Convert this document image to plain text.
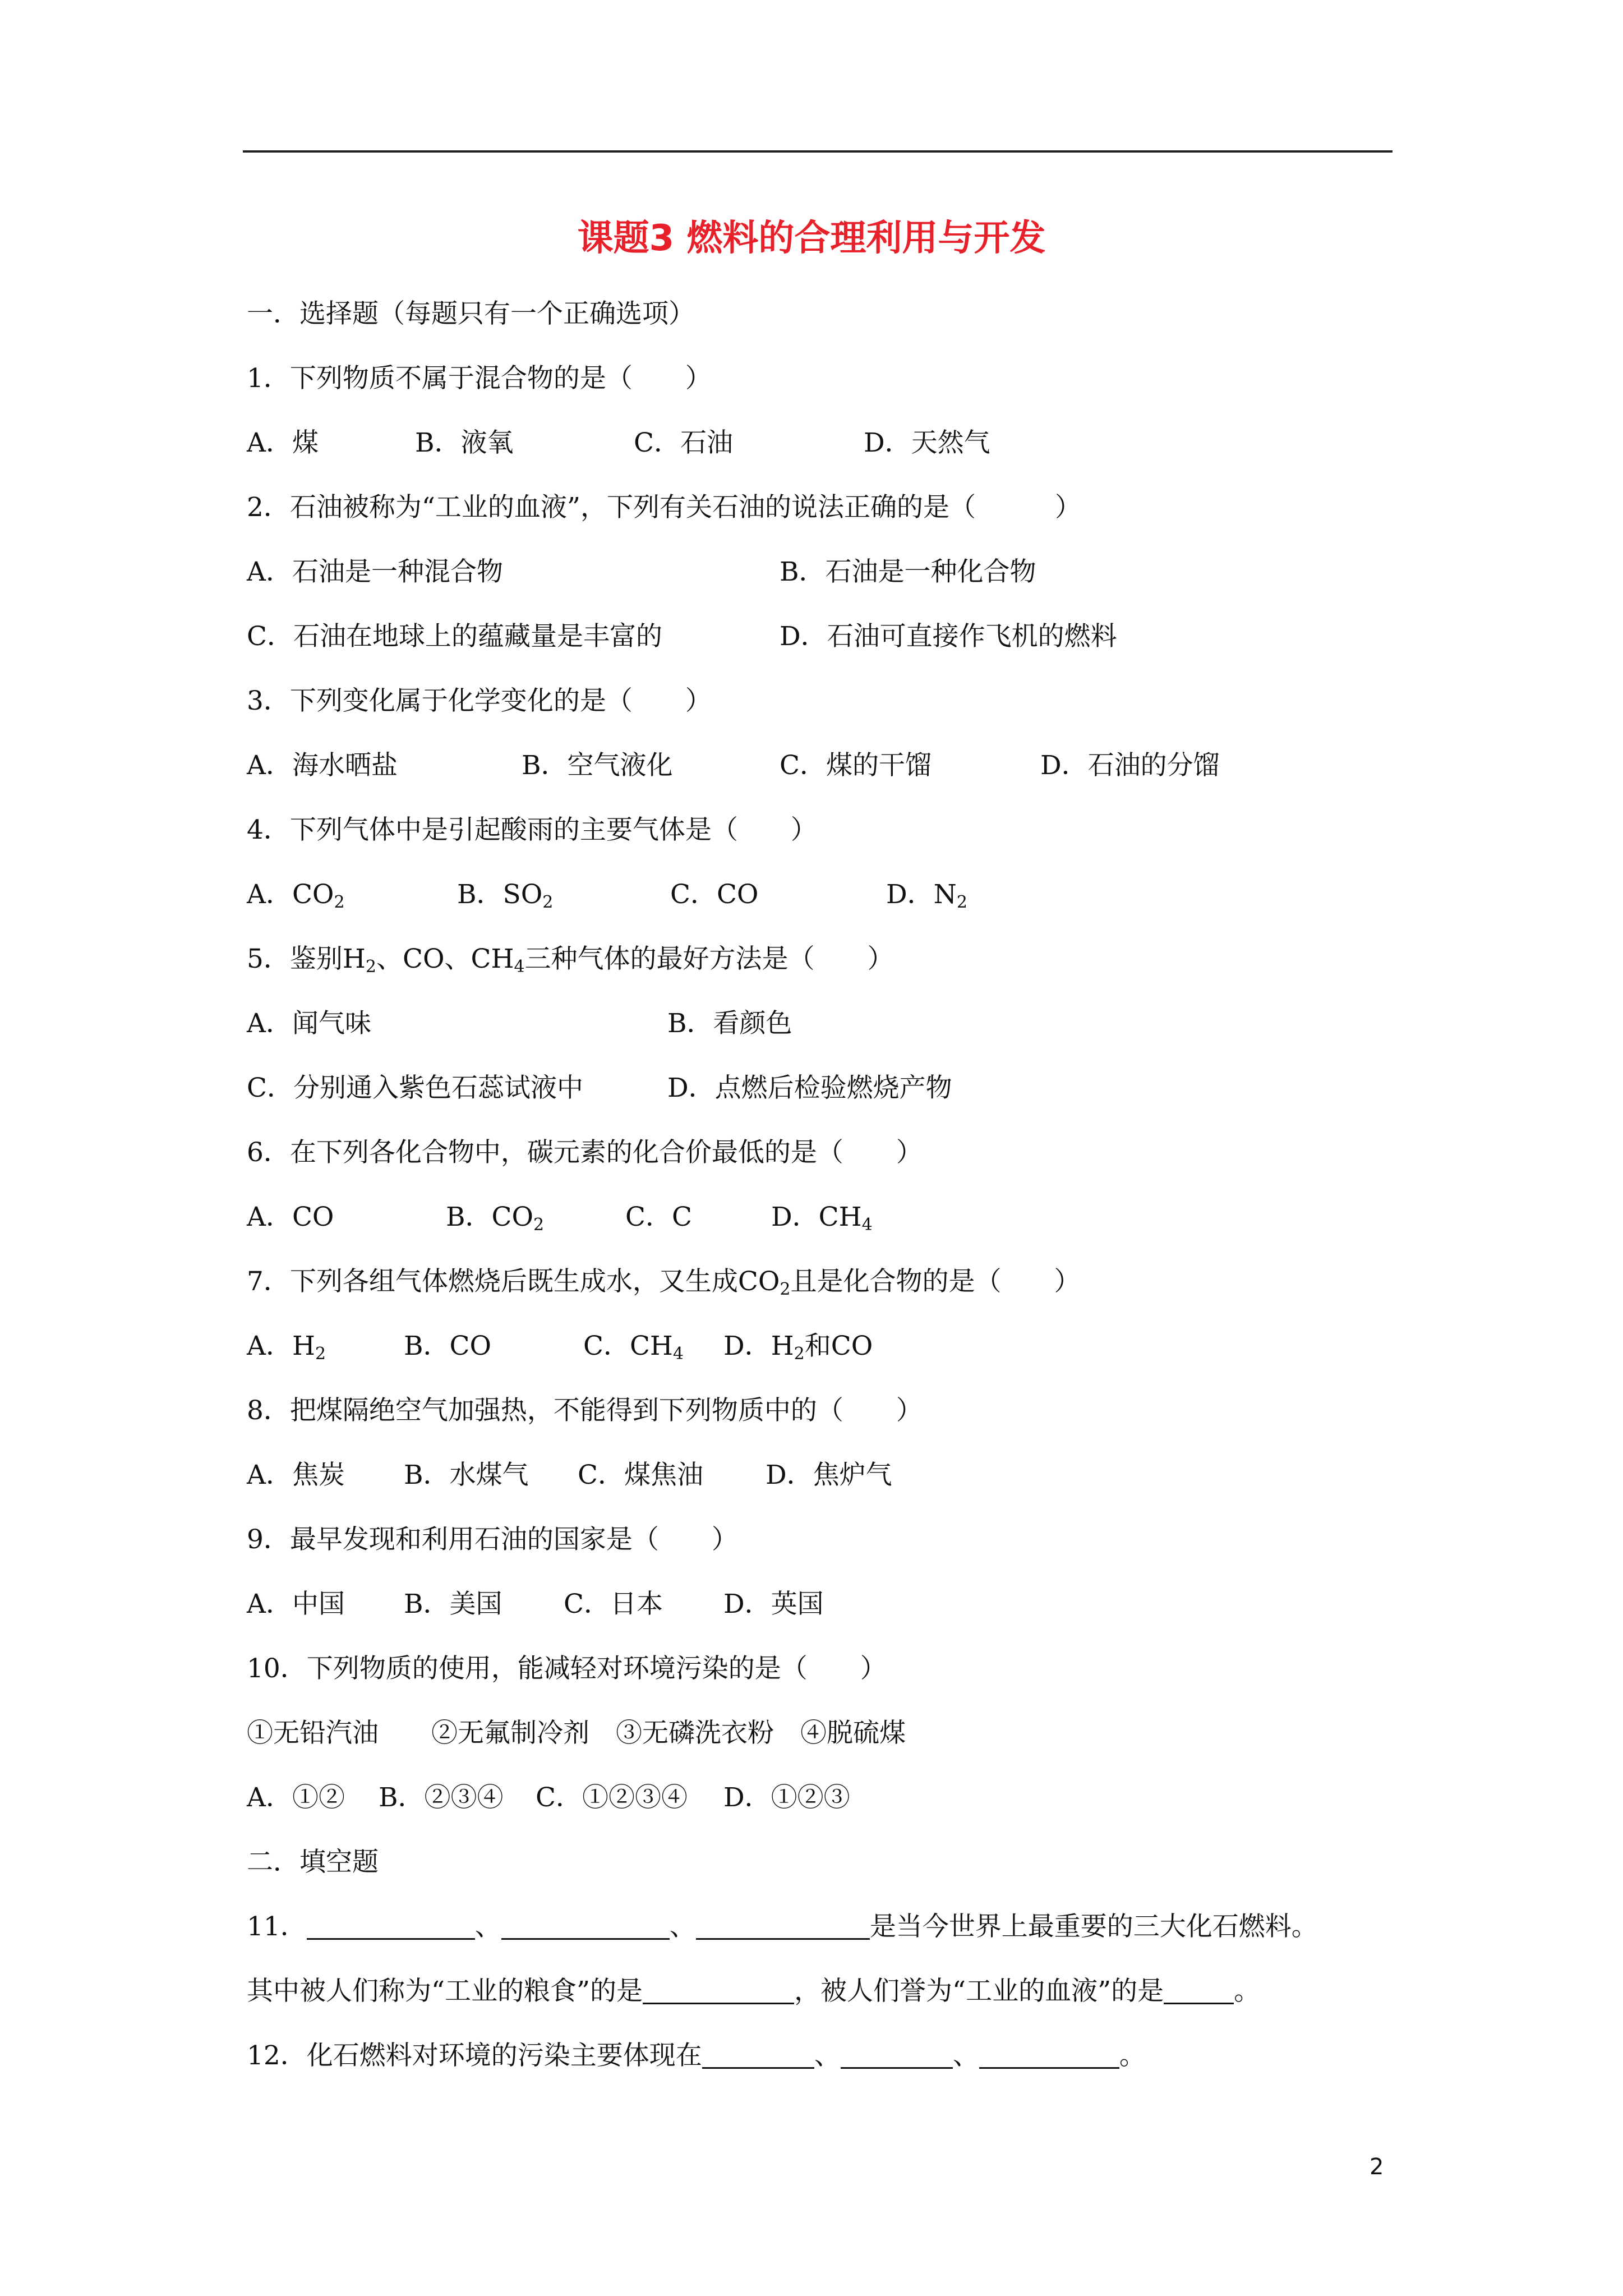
课题3 燃料的合理利用与开发
一．选择题（每题只有一个正确选项）
1．下列物质不属于混合物的是（　　）
A．煤	B．液氧	C．石油	D．天然气
2．石油被称为“工业的血液”，下列有关石油的说法正确的是（　　　）
A．石油是一种混合物	B．石油是一种化合物
C．石油在地球上的蕴藏量是丰富的	D．石油可直接作飞机的燃料
3．下列变化属于化学变化的是（　　）
A．海水晒盐	B．空气液化	C．煤的干馏	D．石油的分馏
4．下列气体中是引起酸雨的主要气体是（　　）
A．$CO_2$	B．$SO_2$	C．CO	D．$N_2$
5．鉴别$H_2$、CO、$CH_4$三种气体的最好方法是（　　）
A．闻气味	B．看颜色
C．分别通入紫色石蕊试液中	D．点燃后检验燃烧产物
6．在下列各化合物中，碳元素的化合价最低的是（　　）
A．CO	B．$CO_2$	C．C	D．$CH_4$
7．下列各组气体燃烧后既生成水，又生成$CO_2$且是化合物的是（　　）
A．$H_2$	B．CO	C．$CH_4$ D．$H_2$和CO
8．把煤隔绝空气加强热，不能得到下列物质中的（　　）
A．焦炭 B．水煤气 C．煤焦油 D．焦炉气
9．最早发现和利用石油的国家是（　　）
A．中国 B．美国 C．日本 D．英国
10．下列物质的使用，能减轻对环境污染的是（　　）
①无铅汽油　　②无氟制冷剂　③无磷洗衣粉　④脱硫煤
A．①② B．②③④ C．①②③④ D．①②③
二．填空题
11．	、	、	是当今世界上最重要的三大化石燃料。
其中被人们称为“工业的粮食”的是	，被人们誉为“工业的血液”的是	。
12．化石燃料对环境的污染主要体现在	、	、	。
2
